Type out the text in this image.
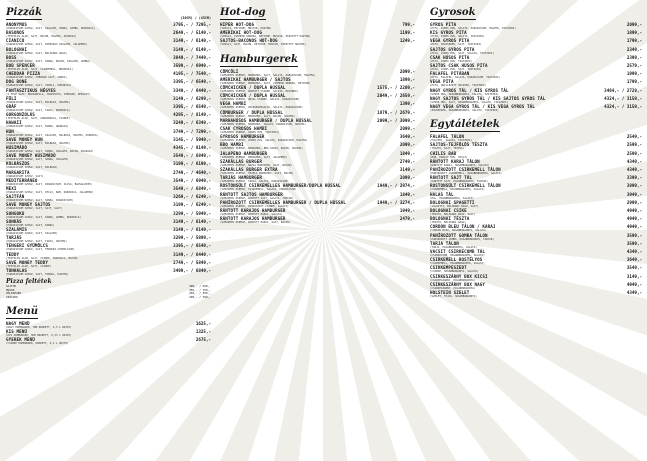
Pizzák	(30CM) / (45CM)
ANONYMUS	3795,- / 7295,-
(PARADICSOM SZÓSZ, SAJT, SZALÁMI, SONKA, GOMBA, KUKORICA)
BASONOS	2649,- / 5149,-
(TEJFÖLÖS ALAP, SAJT, BACON, HAGYMA, KOLBÁSZ)
CIANICO	3149,- / 6149,-
(PARADICSOM SZÓSZ, SAJT, PAPRIKÁS SZALÁMI, JALAPENO)
BOLOGNAI	3149,- / 6149,-
(PARADICSOM SZÓSZ, SAJT, BOLOGNAI RAGU)
BOSS	3849,- / 7449,-
(PARADICSOM SZÓSZ, SAJT, SONKA, BACON, SZALÁMI, GOMBA)
BOB SPENCER	3599,- / 6949,-
(TEJFÖLÖS ALAP, SAJT, CSIRKEMELL, BROKKOLI)
CHEDDAR PIZZA	4195,- / 7549,-
(PARADICSOM SZÓSZ, CHEDDAR SAJT, SONKA)
DOG BONE	3395,- / 6549,-
(PARADICSOM SZÓSZ, SAJT, VIRSLI, KUKORICA)
FANTASZTIKUS NÉGYES	3349,- / 6449,-
(4 FÉLE SAJT: MOZZARELLA, TRAPPISTA, CHEDDAR, KÉKSAJT)
FŰLI	3149,- / 6299,-
(PARADICSOM SZÓSZ, SAJT, KOLBÁSZ, HAGYMA)
GRÁF	3395,- / 6549,-
(PARADICSOM SZÓSZ, SAJT, TARJA, KUKORICA)
GORGONZOLÁS	4295,- / 8149,-
(TEJFÖLÖS ALAP, SAJT, GORGONZOLA, CSIRKE)
HAWAII	3249,- / 6349,-
(PARADICSOM SZÓSZ, SAJT, SONKA, ANANÁSZ)
HUN	3749,- / 7299,-
(PARADICSOM SZÓSZ, SAJT, SZALÁMI, KOLBÁSZ, HAGYMA, PAPRIKA)
SAVE MONEY HUN	3145,- / 5949,-
(PARADICSOM SZÓSZ, SAJT, KOLBÁSZ, HAGYMA)
HÚSIMÁDÓ	4345,- / 8149,-
(PARADICSOM SZÓSZ, SAJT, SONKA, SZALÁMI, BACON, KOLBÁSZ)
SAVE MONEY HÚSIMÁDÓ	3549,- / 6849,-
(PARADICSOM SZÓSZ, SAJT, SONKA, SZALÁMI)
KOLBÁSZOS	3199,- / 6199,-
(PARADICSOM SZÓSZ, SAJT, KOLBÁSZ)
MARGARITA	2749,- / 4649,-
(PARADICSOM SZÓSZ, SAJT)
MEDITERRÁNEO	3549,- / 6949,-
(PARADICSOM SZÓSZ, SAJT, PARADICSOM, OLÍVA, BAZSALIKOM)
MEXI	3549,- / 6849,-
(PARADICSOM SZÓSZ, SAJT, CHILI, BAB, KUKORICA, JALAPENO)
SAJTFÁN	3269,- / 6249,-
(PARADICSOM SZÓSZ, SAJT, SONKA, PARADICSOM)
SAVE MONEY SAJTOS	3199,- / 6249,-
(PARADICSOM SZÓSZ, SAJT, SAJT, SAJT)
SONGOKU	3299,- / 5949,-
(PARADICSOM SZÓSZ, SAJT, SONKA, GOMBA, KUKORICA)
SONKÁS	3149,- / 6149,-
(PARADICSOM SZÓSZ, SAJT, SONKA)
SZALÁMIS	3149,- / 6149,-
(PARADICSOM SZÓSZ, SAJT, SZALÁMI)
TARJÁS	3299,- / 5899,-
(PARADICSOM SZÓSZ, SAJT, TARJA, HAGYMA)
TENGERI GYÜMÖLCS	3395,- / 6549,-
(PARADICSOM SZÓSZ, SAJT, TENGERI GYÜMÖLCSÖK)
TEDDY	3149,- / 6449,-
(TEJFÖLÖS ALAP, SAJT, CSIRKE, KUKORICA, BACON)
SAVE MONEY TEDDY	2749,- / 5849,-
(TEJFÖLÖS ALAP, SAJT, CSIRKE)
TONHALAS	3499,- / 6849,-
(PARADICSOM SZÓSZ, SAJT, TONHAL, HAGYMA)
Pizza feltétek
SAJTOK	400,- / 650,-
HÚSOK	450,- / 750,-
ZÖLDSÉGEK	250,- / 450,-
SZÓSZOK	200,- / 350,-
Menü
NAGY MENÜ	1625,-
(NAGY HAMBURGER, 7DB KROKETT, 0,5 L ÜDÍTŐ)
KIS MENÜ	1325,-
(KIS HAMBURGER, 5DB KROKETT, 0,33 L ÜDÍTŐ)
GYEREK MENÜ	2675,-
(CSIRKE HAMBURGER, KROKETT, 0,2 L ÜDÍTŐ)
Hot-dog
HIPER HOT-DOG	799,-
(VIRSLI, KETCHUP, MUSTÁR, HAGYMA)
AMERIKAI HOT-DOG	1199,-
(VIRSLI, CSEMEGE UBORKA, KETCHUP, MUSTÁR, PIRÍTOTT HAGYMA)
SAJTOS-BACONOS HOT-DOG	1249,-
(VIRSLI, SAJT, BACON, KETCHUP, MUSTÁR, PIRÍTOTT HAGYMA)
Hamburgerek
CÖMCÖLI	2099,-
(SZEZÁMOS ZSEMLE, MARHAHÚS, SAJT, SALÁTA, PARADICSOM, HAGYMA)
AMERIKAI HAMBURGER / SAJTOS	1899,-
(SZEZÁMOS ZSEMLE, MARHAHÚS, SAJT, CSEMEGE UBORKA, KETCHUP)
CÖMCHICKEN / DUPLA HÚSSAL	1575,- / 2209,-
(SZEZÁMOS ZSEMLE, RÁNTOTT CSIRKE, SALÁTA, MAJONÉZ)
CÖMCHICKEN / DUPLA HÚSSAL	2049,- / 2659,-
(SZEZÁMOS ZSEMLE, GRILL CSIRKE, SALÁTA, PARADICSOM)
VEGA HAMBI	1399,-
(SZEZÁMOS ZSEMLE, ZÖLDSÉGPOGÁCSA, SALÁTA, PARADICSOM)
CÖMBURGER / DUPLA HÚSSAL	1879,- / 2679,-
(SZEZÁMOS ZSEMLE, MARHAHÚS, SAJT, BACON, HAGYMA)
MARHAHÚSOS HAMBURGER / DUPLA HÚSSAL	2099,- / 3099,-
(SZEZÁMOS ZSEMLE, MARHAHÚS, SALÁTA, PARADICSOM, HAGYMA)
CSAK CYROSOS HAMBI	2099,-
(SZEZÁMOS ZSEMLE, GYROS HÚS, TZATZIKI)
GYROSOS HAMBURGER	3649,-
(SZEZÁMOS ZSEMLE, GYROS HÚS, SALÁTA, PARADICSOM, HAGYMA)
BBQ HAMBI	2099,-
(SZEZÁMOS ZSEMLE, MARHAHÚS, BBQ SZÓSZ, BACON, HAGYMA)
JALAPENO HAMBURGER	1849,-
(SZEZÁMOS ZSEMLE, MARHAHÚS, SAJT, JALAPENO)
SZAKÁLLAS BURGER	2749,-
(SZEZÁMOS ZSEMLE, DUPLA MARHAHÚS, SAJT, BACON)
SZAKÁLLAS BURGER EXTRA	3149,-
(SZEZÁMOS ZSEMLE, TRIPLA MARHAHÚS, SAJT, BACON)
TARJÁS HAMBURGER	2099,-
(SZEZÁMOS ZSEMLE, TARJA, SALÁTA, PARADICSOM)
ROSTONSÜLT CSIRKEMELLES HAMBURGER/DUPLA HÚSSAL	1949,- / 2974,-
(SZEZÁMOS ZSEMLE, CSIRKEMELL, SALÁTA, PARADICSOM)
RÁNTOTT SAJTOS HAMBURGER	1849,-
(SZEZÁMOS ZSEMLE, RÁNTOTT SAJT, SALÁTA, TARTÁR)
PANÍROZOTT CSIRKEMELLES HAMBURGER / DUPLA HÚSSAL	1949,- / 3274,-
(SZEZÁMOS ZSEMLE, PANÍROZOTT CSIRKE, SALÁTA)
RÁNTOTT KARAJOS HAMBURGER	1949,-
(SZEZÁMOS ZSEMLE, RÁNTOTT KARAJ, SALÁTA)
RÁNTOTT KARAJOS HAMBURGER	2479,-
(SZEZÁMOS ZSEMLE, RÁNTOTT KARAJ, SAJT, BACON)
Gyrosok
GYROS PITA	2099,-
(PITA, GYROS HÚS, SALÁTA, PARADICSOM, HAGYMA, TZATZIKI)
KIS GYROS PITA	1899,-
(PITA, GYROS HÚS, SALÁTA, TZATZIKI)
VEGA GYROS PITA	1799,-
(PITA, ZÖLDSÉGEK, SAJT, TZATZIKI)
SAJTOS GYROS PITA	2349,-
(PITA, GYROS HÚS, SAJT, SALÁTA, TZATZIKI)
CSAK HÚSOS PITA	2399,-
(PITA, GYROS HÚS, TZATZIKI)
SAJTOS CSAK HÚSOS PITA	2579,-
(PITA, GYROS HÚS, SAJT, TZATZIKI)
FALAFEL PITÁBAN	1999,-
(PITA, FALAFEL, SALÁTA, PARADICSOM, TZATZIKI)
VEGA PITA	1799,-
(PITA, GRILLEZETT ZÖLDSÉG, TZATZIKI)
NAGY GYROS TÁL / KIS GYROS TÁL	3464,- / 2729,-
(GYROS HÚS, HASÁBBURGONYA, SALÁTA, TZATZIKI)
NAGY SAJTOS GYROS TÁL / KIS SAJTOS GYROS TÁL	4324,- / 3159,-
(GYROS HÚS, SAJT, HASÁBBURGONYA, SALÁTA, TZATZIKI)
NAGY VEGA GYROS TÁL / KIS VEGA GYROS TÁL	4324,- / 3159,-
(ZÖLDSÉGEK, HASÁBBURGONYA, SALÁTA, TZATZIKI)
Egytálételek
FALAFEL TÁLON	2549,-
(FALAFEL, SALÁTA, TZATZIKI)
SAJTOS-TEJFÖLÖS TÉSZTA	2599,-
(TÉSZTA, SAJT, TEJFÖL)
CHILIS BAB	2599,-
(BAB, DARÁLT HÚS, CHILI)
RÁNTOTT KARAJ TÁLON	4349,-
(RÁNTOTT KARAJ, HASÁBBURGONYA, SALÁTA)
PANÍROZOTT CSIRKEMELL TÁLON	4349,-
(PANÍROZOTT CSIRKEMELL, HASÁBBURGONYA, SALÁTA)
RÁNTOTT SAJT TÁL	3399,-
(RÁNTOTT SAJT, HASÁBBURGONYA, TARTÁR)
ROSTONSÜLT CSIRKEMELL TÁLON	3899,-
(CSIRKEMELL, HASÁBBURGONYA, SALÁTA)
HALAS TÁL	3949,-
(HAL, HASÁBBURGONYA, SALÁTA)
BOLOGNAI SPAGETTI	2999,-
(SPAGETTI, BOLOGNAI RAGU, SAJT)
BOLOGNAI CSIKE	4949,-
(TÉSZTA, BOLOGNAI RAGU, SAJT)
BOLOGNAI TÉSZTA	4949,-
(TÉSZTA, BOLOGNAI RAGU)
CORDON BLEU TÁLON / KARAJ	4949,-
(CORDON BLEU, HASÁBBURGONYA, SALÁTA)
PANÍROZOTT GOMBA TÁLON	3599,-
(PANÍROZOTT GOMBA, HASÁBBURGONYA, TARTÁR)
TARJA TÁLON	3599,-
(TARJA, HASÁBBURGONYA, SALÁTA)
VACSIT CSIRKECOMB TÁL	4349,-
(CSIRKECOMB, HASÁBBURGONYA, SALÁTA)
CSIRKEMELL ROSTÉLYOS	3649,-
(CSIRKEMELL, HASÁBBURGONYA, SALÁTA)
CSIKKEMPESZEDT	3549,-
(CSIRKE, HASÁBBURGONYA, SALÁTA)
CSIRKESZÁRNY BOX KICSI	3149,-
(CSIRKESZÁRNY, HASÁBBURGONYA)
CSIRKESZÁRNY BOX NAGY	4949,-
(CSIRKESZÁRNY, HASÁBBURGONYA)
HOLSTEIN SZELET	4349,-
(SZELET, TOJÁS, HASÁBBURGONYA)
